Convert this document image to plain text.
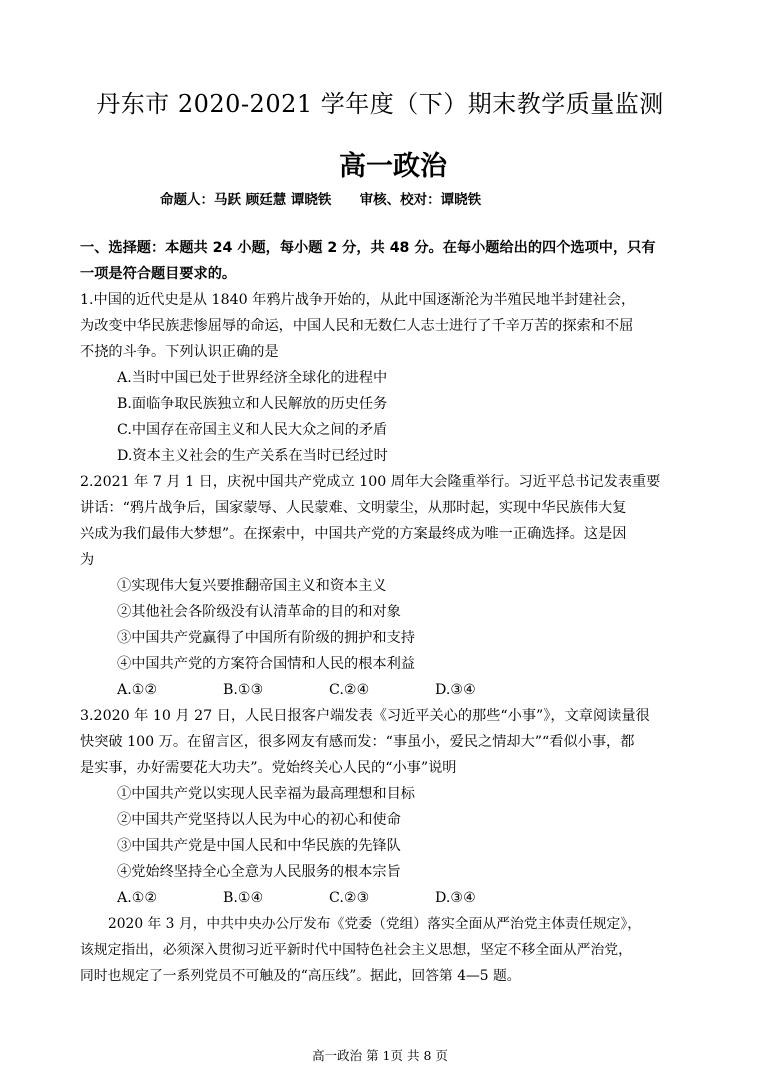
丹东市 2020-2021 学年度（下）期末教学质量监测
高一政治
命题人：马跃 顾廷慧 谭晓铁      审核、校对：谭晓铁
一、选择题：本题共 24 小题，每小题 2 分，共 48 分。在每小题给出的四个选项中，只有
一项是符合题目要求的。
1.中国的近代史是从 1840 年鸦片战争开始的，从此中国逐渐沦为半殖民地半封建社会，
为改变中华民族悲惨屈辱的命运，中国人民和无数仁人志士进行了千辛万苦的探索和不屈
不挠的斗争。下列认识正确的是
A.当时中国已处于世界经济全球化的进程中
B.面临争取民族独立和人民解放的历史任务
C.中国存在帝国主义和人民大众之间的矛盾
D.资本主义社会的生产关系在当时已经过时
2.2021 年 7 月 1 日，庆祝中国共产党成立 100 周年大会隆重举行。习近平总书记发表重要
讲话：“鸦片战争后，国家蒙辱、人民蒙难、文明蒙尘，从那时起，实现中华民族伟大复
兴成为我们最伟大梦想”。在探索中，中国共产党的方案最终成为唯一正确选择。这是因
为
①实现伟大复兴要推翻帝国主义和资本主义
②其他社会各阶级没有认清革命的目的和对象
③中国共产党赢得了中国所有阶级的拥护和支持
④中国共产党的方案符合国情和人民的根本利益
A.①②	B.①③	C.②④	D.③④
3.2020 年 10 月 27 日，人民日报客户端发表《习近平关心的那些“小事”》，文章阅读量很
快突破 100 万。在留言区，很多网友有感而发：“事虽小，爱民之情却大”“看似小事，都
是实事，办好需要花大功夫”。党始终关心人民的“小事”说明
①中国共产党以实现人民幸福为最高理想和目标
②中国共产党坚持以人民为中心的初心和使命
③中国共产党是中国人民和中华民族的先锋队
④党始终坚持全心全意为人民服务的根本宗旨
A.①②	B.①④	C.②③	D.③④
2020 年 3 月，中共中央办公厅发布《党委（党组）落实全面从严治党主体责任规定》，
该规定指出，必须深入贯彻习近平新时代中国特色社会主义思想，坚定不移全面从严治党，
同时也规定了一系列党员不可触及的“高压线”。据此，回答第 4—5 题。
高一政治 第 1页 共 8 页
